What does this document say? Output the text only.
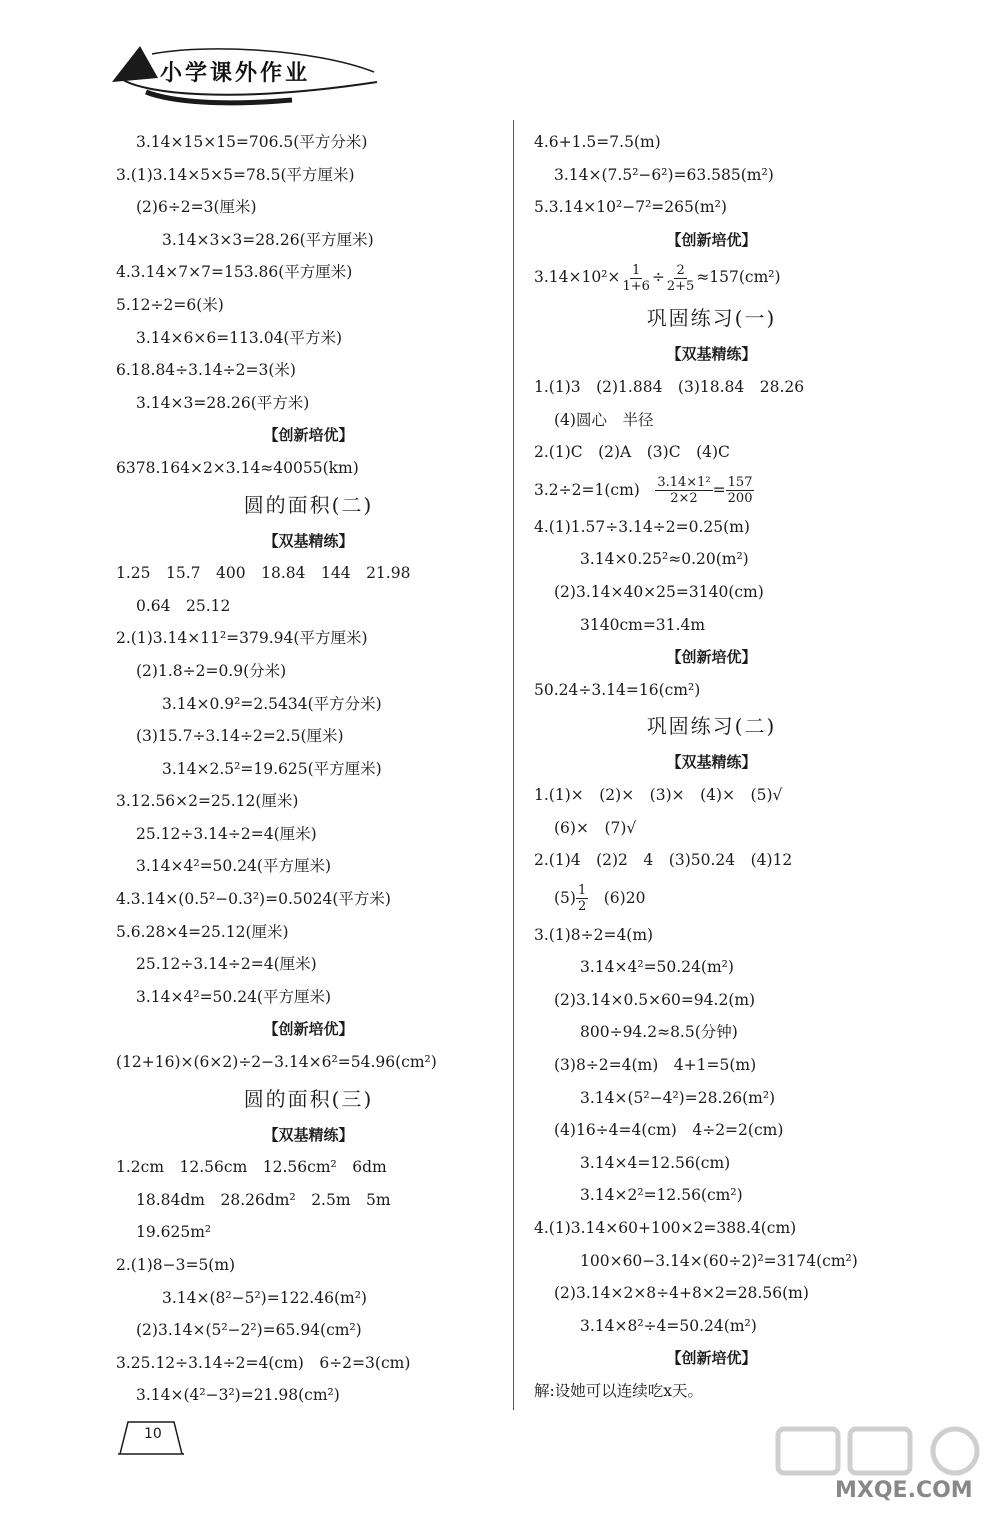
小学课外作业
3.14×15×15=706.5(平方分米)
3.(1)3.14×5×5=78.5(平方厘米)
(2)6÷2=3(厘米)
3.14×3×3=28.26(平方厘米)
4.3.14×7×7=153.86(平方厘米)
5.12÷2=6(米)
3.14×6×6=113.04(平方米)
6.18.84÷3.14÷2=3(米)
3.14×3=28.26(平方米)
【创新培优】
6378.164×2×3.14≈40055(km)
圆的面积(二)
【双基精练】
1.25　15.7　400　18.84　144　21.98
0.64　25.12
2.(1)3.14×11²=379.94(平方厘米)
(2)1.8÷2=0.9(分米)
3.14×0.9²=2.5434(平方分米)
(3)15.7÷3.14÷2=2.5(厘米)
3.14×2.5²=19.625(平方厘米)
3.12.56×2=25.12(厘米)
25.12÷3.14÷2=4(厘米)
3.14×4²=50.24(平方厘米)
4.3.14×(0.5²−0.3²)=0.5024(平方米)
5.6.28×4=25.12(厘米)
25.12÷3.14÷2=4(厘米)
3.14×4²=50.24(平方厘米)
【创新培优】
(12+16)×(6×2)÷2−3.14×6²=54.96(cm²)
圆的面积(三)
【双基精练】
1.2cm　12.56cm　12.56cm²　6dm
18.84dm　28.26dm²　2.5m　5m
19.625m²
2.(1)8−3=5(m)
3.14×(8²−5²)=122.46(m²)
(2)3.14×(5²−2²)=65.94(cm²)
3.25.12÷3.14÷2=4(cm)　6÷2=3(cm)
3.14×(4²−3²)=21.98(cm²)
4.6+1.5=7.5(m)
3.14×(7.5²−6²)=63.585(m²)
5.3.14×10²−7²=265(m²)
【创新培优】
$3.14\times 10^2\times \frac{1}{1+6} \div \frac{2}{2+5} \approx 157(cm^2)$
巩固练习(一)
【双基精练】
1.(1)3　(2)1.884　(3)18.84　28.26
(4)圆心　半径
2.(1)C　(2)A　(3)C　(4)C
3.2÷2=1(cm)　 $\frac{\text{3.14×1²}}{2\times 2} = \frac{157}{200}$
4.(1)1.57÷3.14÷2=0.25(m)
3.14×0.25²≈0.20(m²)
(2)3.14×40×25=3140(cm)
3140cm=31.4m
【创新培优】
50.24÷3.14=16(cm²)
巩固练习(二)
【双基精练】
1.(1)×　(2)×　(3)×　(4)×　(5)√
(6)×　(7)√
2.(1)4　(2)2　4　(3)50.24　(4)12
$(5) \frac{1}{2}$ 　(6)20
3.(1)8÷2=4(m)
3.14×4²=50.24(m²)
(2)3.14×0.5×60=94.2(m)
800÷94.2≈8.5(分钟)
(3)8÷2=4(m)　4+1=5(m)
3.14×(5²−4²)=28.26(m²)
(4)16÷4=4(cm)　4÷2=2(cm)
3.14×4=12.56(cm)
3.14×2²=12.56(cm²)
4.(1)3.14×60+100×2=388.4(cm)
100×60−3.14×(60÷2)²=3174(cm²)
(2)3.14×2×8÷4+8×2=28.56(m)
3.14×8²÷4=50.24(m²)
【创新培优】
解:设她可以连续吃x天。
10
MXQE.COM
